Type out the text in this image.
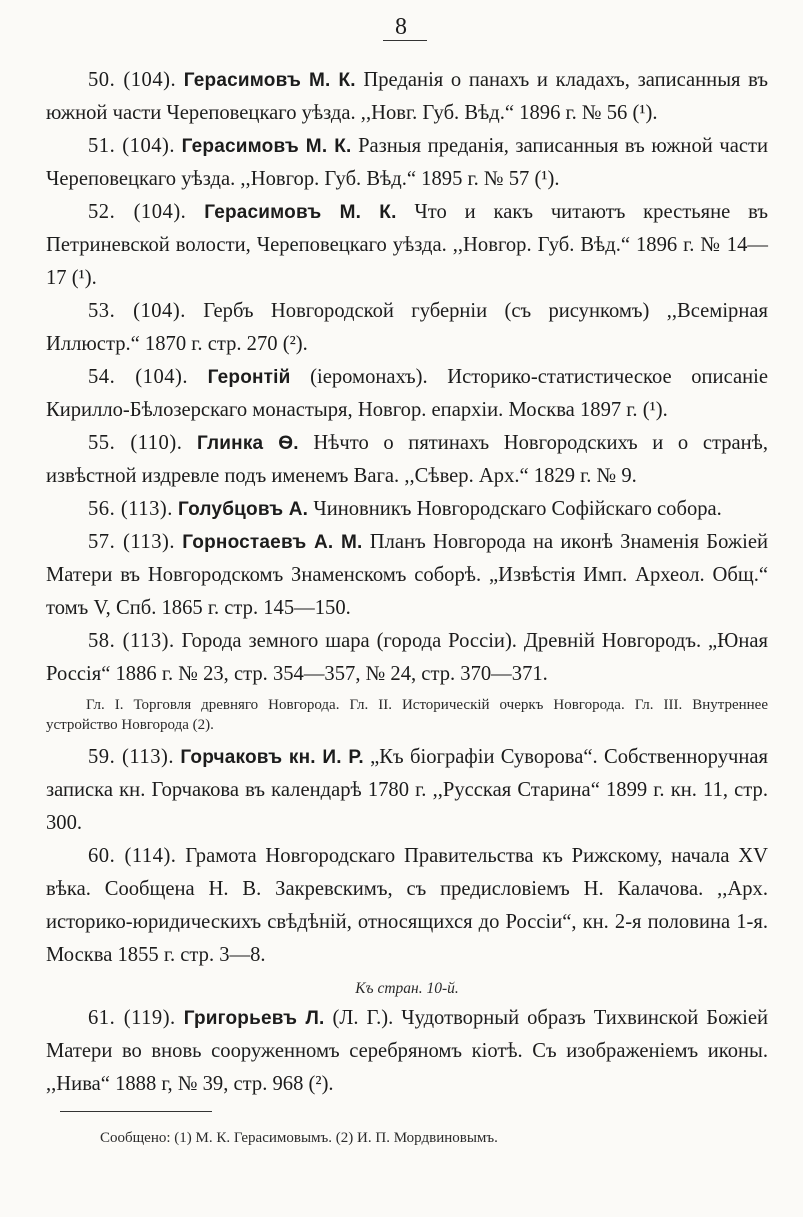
8

50. (104). Герасимовъ М. К. Преданія о панахъ и кладахъ, записанныя въ южной части Череповецкаго уѣзда. ,,Новг. Губ. Вѣд.“ 1896 г. № 56 (¹).

51. (104). Герасимовъ М. К. Разныя преданія, записанныя въ южной части Череповецкаго уѣзда. ,,Новгор. Губ. Вѣд.“ 1895 г. № 57 (¹).

52. (104). Герасимовъ М. К. Что и какъ читаютъ крестьяне въ Петриневской волости, Череповецкаго уѣзда. ,,Новгор. Губ. Вѣд.“ 1896 г. № 14—17 (¹).

53. (104). Гербъ Новгородской губерніи (съ рисункомъ) ,,Всемірная Иллюстр.“ 1870 г. стр. 270 (²).

54. (104). Геронтій (іеромонахъ). Историко-статистическое описаніе Кирилло-Бѣлозерскаго монастыря, Новгор. епархіи. Москва 1897 г. (¹).

55. (110). Глинка Ѳ. Нѣчто о пятинахъ Новгородскихъ и о странѣ, извѣстной издревле подъ именемъ Вага. ,,Сѣвер. Арх.“ 1829 г. № 9.

56. (113). Голубцовъ А. Чиновникъ Новгородскаго Софійскаго собора.

57. (113). Горностаевъ А. М. Планъ Новгорода на иконѣ Знаменія Божіей Матери въ Новгородскомъ Знаменскомъ соборѣ. „Извѣстія Имп. Археол. Общ.“ томъ V, Спб. 1865 г. стр. 145—150.

58. (113). Города земного шара (города Россіи). Древній Новгородъ. „Юная Россія“ 1886 г. № 23, стр. 354—357, № 24, стр. 370—371.

Гл. I. Торговля древняго Новгорода. Гл. II. Историческій очеркъ Новгорода. Гл. III. Внутреннее устройство Новгорода (2).

59. (113). Горчаковъ кн. И. Р. „Къ біографіи Суворова“. Собственноручная записка кн. Горчакова въ календарѣ 1780 г. ,,Русская Старина“ 1899 г. кн. 11, стр. 300.

60. (114). Грамота Новгородскаго Правительства къ Рижскому, начала XV вѣка. Сообщена Н. В. Закревскимъ, съ предисловіемъ Н. Калачова. ,,Арх. историко-юридическихъ свѣдѣній, относящихся до Россіи“, кн. 2-я половина 1-я. Москва 1855 г. стр. 3—8.

Къ стран. 10-й.

61. (119). Григорьевъ Л. (Л. Г.). Чудотворный образъ Тихвинской Божіей Матери во вновь сооруженномъ серебряномъ кіотѣ. Съ изображеніемъ иконы. ,,Нива“ 1888 г, № 39, стр. 968 (²).

Сообщено: (1) М. К. Герасимовымъ. (2) И. П. Мордвиновымъ.
